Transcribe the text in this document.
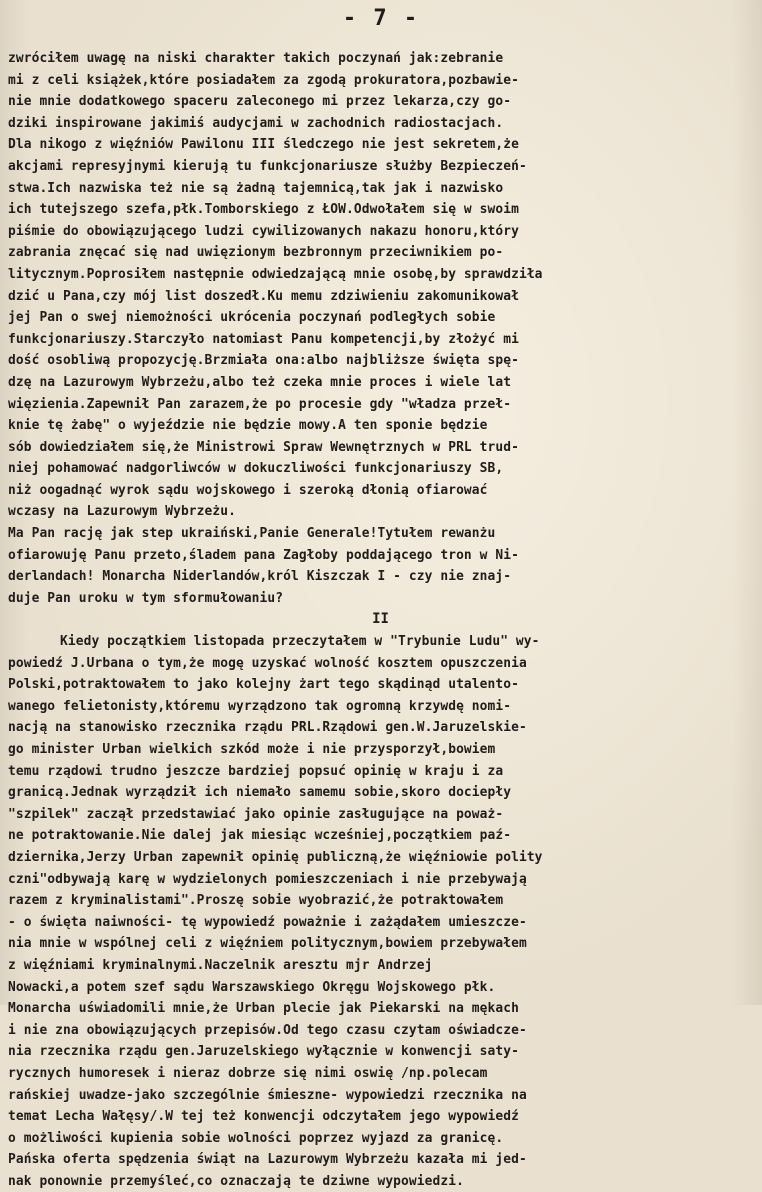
- 7 -
zwróciłem uwagę na niski charakter takich poczynań jak:zebranie
mi z celi książek,które posiadałem za zgodą prokuratora,pozbawie-
nie mnie dodatkowego spaceru zaleconego mi przez lekarza,czy go-
dziki inspirowane jakimiś audycjami w zachodnich radiostacjach.
Dla nikogo z więźniów Pawilonu III śledczego nie jest sekretem,że
akcjami represyjnymi kierują tu funkcjonariusze służby Bezpieczeń-
stwa.Ich nazwiska też nie są żadną tajemnicą,tak jak i nazwisko
ich tutejszego szefa,płk.Tomborskiego z ŁOW.Odwołałem się w swoim
piśmie do obowiązującego ludzi cywilizowanych nakazu honoru,który
zabrania znęcać się nad uwięzionym bezbronnym przeciwnikiem po-
litycznym.Poprosiłem następnie odwiedzającą mnie osobę,by sprawdziła
dzić u Pana,czy mój list doszedł.Ku memu zdziwieniu zakomunikował
jej Pan o swej niemożności ukrócenia poczynań podległych sobie
funkcjonariuszy.Starczyło natomiast Panu kompetencji,by złożyć mi
dość osobliwą propozycję.Brzmiała ona:albo najbliższe święta spę-
dzę na Lazurowym Wybrzeżu,albo też czeka mnie proces i wiele lat
więzienia.Zapewnił Pan zarazem,że po procesie gdy "władza przeł-
knie tę żabę" o wyjeździe nie będzie mowy.A ten sponie będzie
sób dowiedziałem się,że Ministrowi Spraw Wewnętrznych w PRL trud-
niej pohamować nadgorliwców w dokuczliwości funkcjonariuszy SB,
niż oogadnąć wyrok sądu wojskowego i szeroką dłonią ofiarować
wczasy na Lazurowym Wybrzeżu.
Ma Pan rację jak step ukraiński,Panie Generale!Tytułem rewanżu
ofiarowuję Panu przeto,śladem pana Zagłoby poddającego tron w Ni-
derlandach! Monarcha Niderlandów,król Kiszczak I - czy nie znaj-
duje Pan uroku w tym sformułowaniu?
II
Kiedy początkiem listopada przeczytałem w "Trybunie Ludu" wy-
powiedź J.Urbana o tym,że mogę uzyskać wolność kosztem opuszczenia
Polski,potraktowałem to jako kolejny żart tego skądinąd utalento-
wanego felietonisty,któremu wyrządzono tak ogromną krzywdę nomi-
nacją na stanowisko rzecznika rządu PRL.Rządowi gen.W.Jaruzelskie-
go minister Urban wielkich szkód może i nie przysporzył,bowiem
temu rządowi trudno jeszcze bardziej popsuć opinię w kraju i za
granicą.Jednak wyrządził ich niemało samemu sobie,skoro dociepły
"szpilek" zaczął przedstawiać jako opinie zasługujące na poważ-
ne potraktowanie.Nie dalej jak miesiąc wcześniej,początkiem paź-
dziernika,Jerzy Urban zapewnił opinię publiczną,że więźniowie polity
czni"odbywają karę w wydzielonych pomieszczeniach i nie przebywają
razem z kryminalistami".Proszę sobie wyobrazić,że potraktowałem
- o święta naiwności- tę wypowiedź poważnie i zażądałem umieszcze-
nia mnie w wspólnej celi z więźniem politycznym,bowiem przebywałem
z więźniami kryminalnymi.Naczelnik aresztu mjr Andrzej
Nowacki,a potem szef sądu Warszawskiego Okręgu Wojskowego płk.
Monarcha uświadomili mnie,że Urban plecie jak Piekarski na mękach
i nie zna obowiązujących przepisów.Od tego czasu czytam oświadcze-
nia rzecznika rządu gen.Jaruzelskiego wyłącznie w konwencji saty-
rycznych humoresek i nieraz dobrze się nimi oswię /np.polecam
rańskiej uwadze-jako szczególnie śmieszne- wypowiedzi rzecznika na
temat Lecha Wałęsy/.W tej też konwencji odczytałem jego wypowiedź
o możliwości kupienia sobie wolności poprzez wyjazd za granicę.
Pańska oferta spędzenia świąt na Lazurowym Wybrzeżu kazała mi jed-
nak ponownie przemyśleć,co oznaczają te dziwne wypowiedzi.
